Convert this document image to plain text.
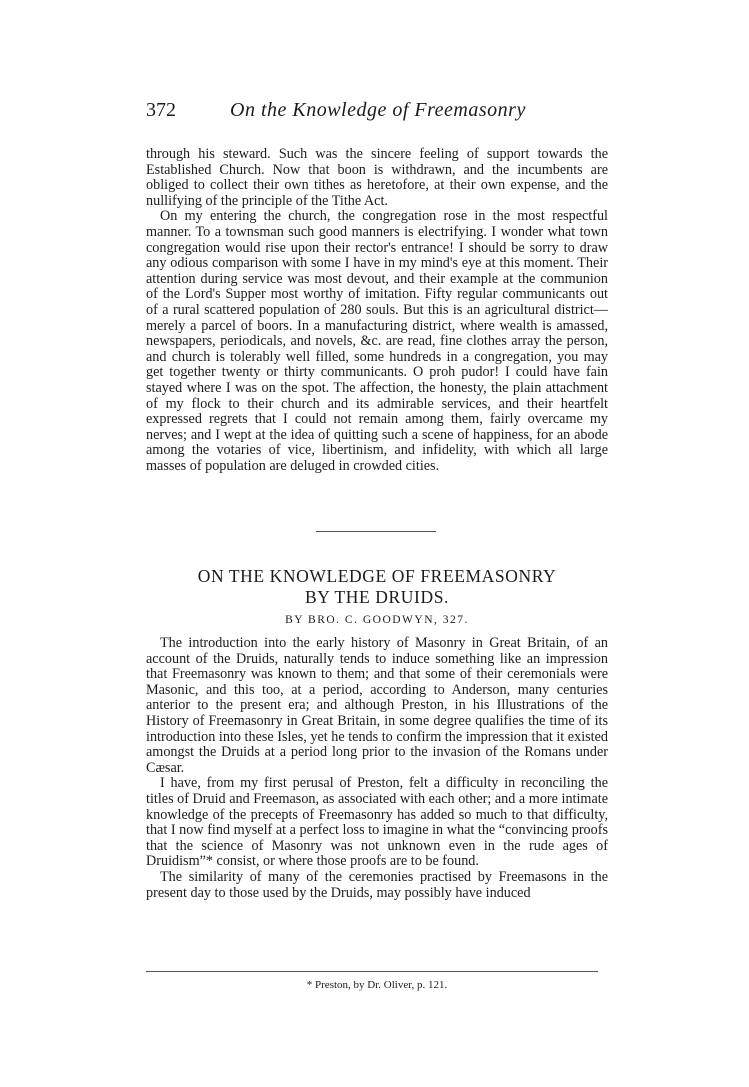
372	On the Knowledge of Freemasonry

through his steward. Such was the sincere feeling of support towards the Established Church. Now that boon is withdrawn, and the incumbents are obliged to collect their own tithes as heretofore, at their own expense, and the nullifying of the principle of the Tithe Act.

On my entering the church, the congregation rose in the most respectful manner. To a townsman such good manners is electrifying. I wonder what town congregation would rise upon their rector's entrance! I should be sorry to draw any odious comparison with some I have in my mind's eye at this moment. Their attention during service was most devout, and their example at the communion of the Lord's Supper most worthy of imitation. Fifty regular communicants out of a rural scattered population of 280 souls. But this is an agricultural district—merely a parcel of boors. In a manufacturing district, where wealth is amassed, newspapers, periodicals, and novels, &c. are read, fine clothes array the person, and church is tolerably well filled, some hundreds in a congregation, you may get together twenty or thirty communicants. O proh pudor! I could have fain stayed where I was on the spot. The affection, the honesty, the plain attachment of my flock to their church and its admirable services, and their heartfelt expressed regrets that I could not remain among them, fairly overcame my nerves; and I wept at the idea of quitting such a scene of happiness, for an abode among the votaries of vice, libertinism, and infidelity, with which all large masses of population are deluged in crowded cities.

ON THE KNOWLEDGE OF FREEMASONRY
BY THE DRUIDS.
BY BRO. C. GOODWYN, 327.

The introduction into the early history of Masonry in Great Britain, of an account of the Druids, naturally tends to induce something like an impression that Freemasonry was known to them; and that some of their ceremonials were Masonic, and this too, at a period, according to Anderson, many centuries anterior to the present era; and although Preston, in his Illustrations of the History of Freemasonry in Great Britain, in some degree qualifies the time of its introduction into these Isles, yet he tends to confirm the impression that it existed amongst the Druids at a period long prior to the invasion of the Romans under Cæsar.

I have, from my first perusal of Preston, felt a difficulty in reconciling the titles of Druid and Freemason, as associated with each other; and a more intimate knowledge of the precepts of Freemasonry has added so much to that difficulty, that I now find myself at a perfect loss to imagine in what the “convincing proofs that the science of Masonry was not unknown even in the rude ages of Druidism”* consist, or where those proofs are to be found.

The similarity of many of the ceremonies practised by Freemasons in the present day to those used by the Druids, may possibly have induced

* Preston, by Dr. Oliver, p. 121.
